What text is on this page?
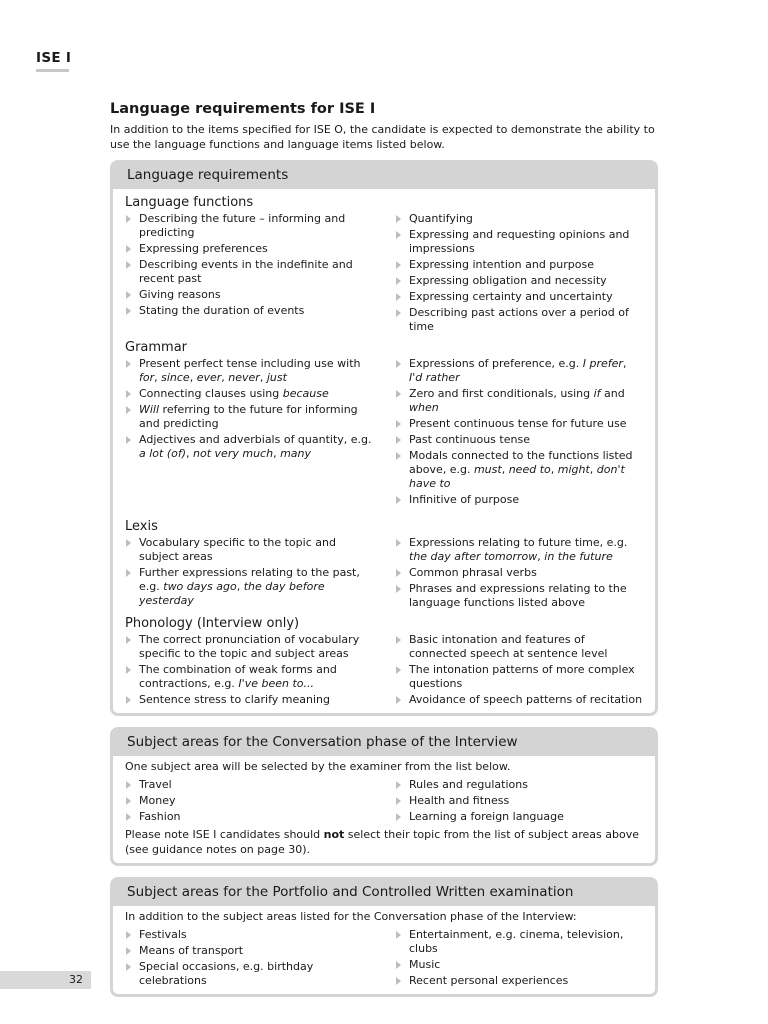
ISE I
Language requirements for ISE I

In addition to the items specified for ISE O, the candidate is expected to demonstrate the ability to use the language functions and language items listed below.

Language requirements
Language functions
Describing the future – informing and predicting
Expressing preferences
Describing events in the indefinite and recent past
Giving reasons
Stating the duration of events
Quantifying
Expressing and requesting opinions and impressions
Expressing intention and purpose
Expressing obligation and necessity
Expressing certainty and uncertainty
Describing past actions over a period of time
Grammar
Present perfect tense including use with for, since, ever, never, just
Connecting clauses using because
Will referring to the future for informing and predicting
Adjectives and adverbials of quantity, e.g. a lot (of), not very much, many
Expressions of preference, e.g. I prefer, I'd rather
Zero and first conditionals, using if and when
Present continuous tense for future use
Past continuous tense
Modals connected to the functions listed above, e.g. must, need to, might, don't have to
Infinitive of purpose
Lexis
Vocabulary specific to the topic and subject areas
Further expressions relating to the past, e.g. two days ago, the day before yesterday
Expressions relating to future time, e.g. the day after tomorrow, in the future
Common phrasal verbs
Phrases and expressions relating to the language functions listed above
Phonology (Interview only)
The correct pronunciation of vocabulary specific to the topic and subject areas
The combination of weak forms and contractions, e.g. I've been to...
Sentence stress to clarify meaning
Basic intonation and features of connected speech at sentence level
The intonation patterns of more complex questions
Avoidance of speech patterns of recitation
Subject areas for the Conversation phase of the Interview
One subject area will be selected by the examiner from the list below.
Travel
Money
Fashion
Rules and regulations
Health and fitness
Learning a foreign language

Please note ISE I candidates should not select their topic from the list of subject areas above (see guidance notes on page 30).

Subject areas for the Portfolio and Controlled Written examination
In addition to the subject areas listed for the Conversation phase of the Interview:
Festivals
Means of transport
Special occasions, e.g. birthday celebrations
Entertainment, e.g. cinema, television, clubs
Music
Recent personal experiences
32
